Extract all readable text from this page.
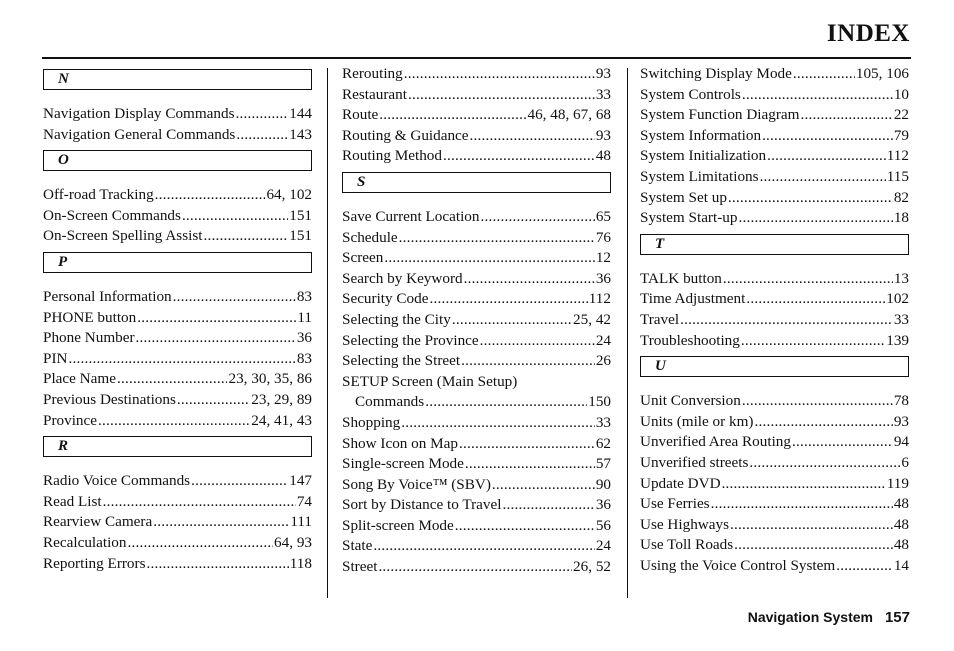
INDEX
N
Navigation Display Commands .....	144
Navigation General Commands .....	143
O
Off-road Tracking .....	64, 102
On-Screen Commands .....	151
On-Screen Spelling Assist .....	151
P
Personal Information .....	83
PHONE button .....	11
Phone Number .....	36
PIN .....	83
Place Name .....	23, 30, 35, 86
Previous Destinations .....	23, 29, 89
Province .....	24, 41, 43
R
Radio Voice Commands .....	147
Read List .....	74
Rearview Camera .....	111
Recalculation .....	64, 93
Reporting Errors .....	118
Rerouting .....	93
Restaurant .....	33
Route .....	46, 48, 67, 68
Routing & Guidance .....	93
Routing Method .....	48
S
Save Current Location .....	65
Schedule .....	76
Screen .....	12
Search by Keyword .....	36
Security Code .....	112
Selecting the City .....	25, 42
Selecting the Province .....	24
Selecting the Street .....	26
SETUP Screen (Main Setup)
Commands .....	150
Shopping .....	33
Show Icon on Map .....	62
Single-screen Mode .....	57
Song By Voice™ (SBV) .....	90
Sort by Distance to Travel .....	36
Split-screen Mode .....	56
State .....	24
Street .....	26, 52
Switching Display Mode .....	105, 106
System Controls .....	10
System Function Diagram .....	22
System Information .....	79
System Initialization .....	112
System Limitations .....	115
System Set up .....	82
System Start-up .....	18
T
TALK button .....	13
Time Adjustment .....	102
Travel .....	33
Troubleshooting .....	139
U
Unit Conversion .....	78
Units (mile or km) .....	93
Unverified Area Routing .....	94
Unverified streets .....	6
Update DVD .....	119
Use Ferries .....	48
Use Highways .....	48
Use Toll Roads .....	48
Using the Voice Control System .....	14
Navigation System 157
